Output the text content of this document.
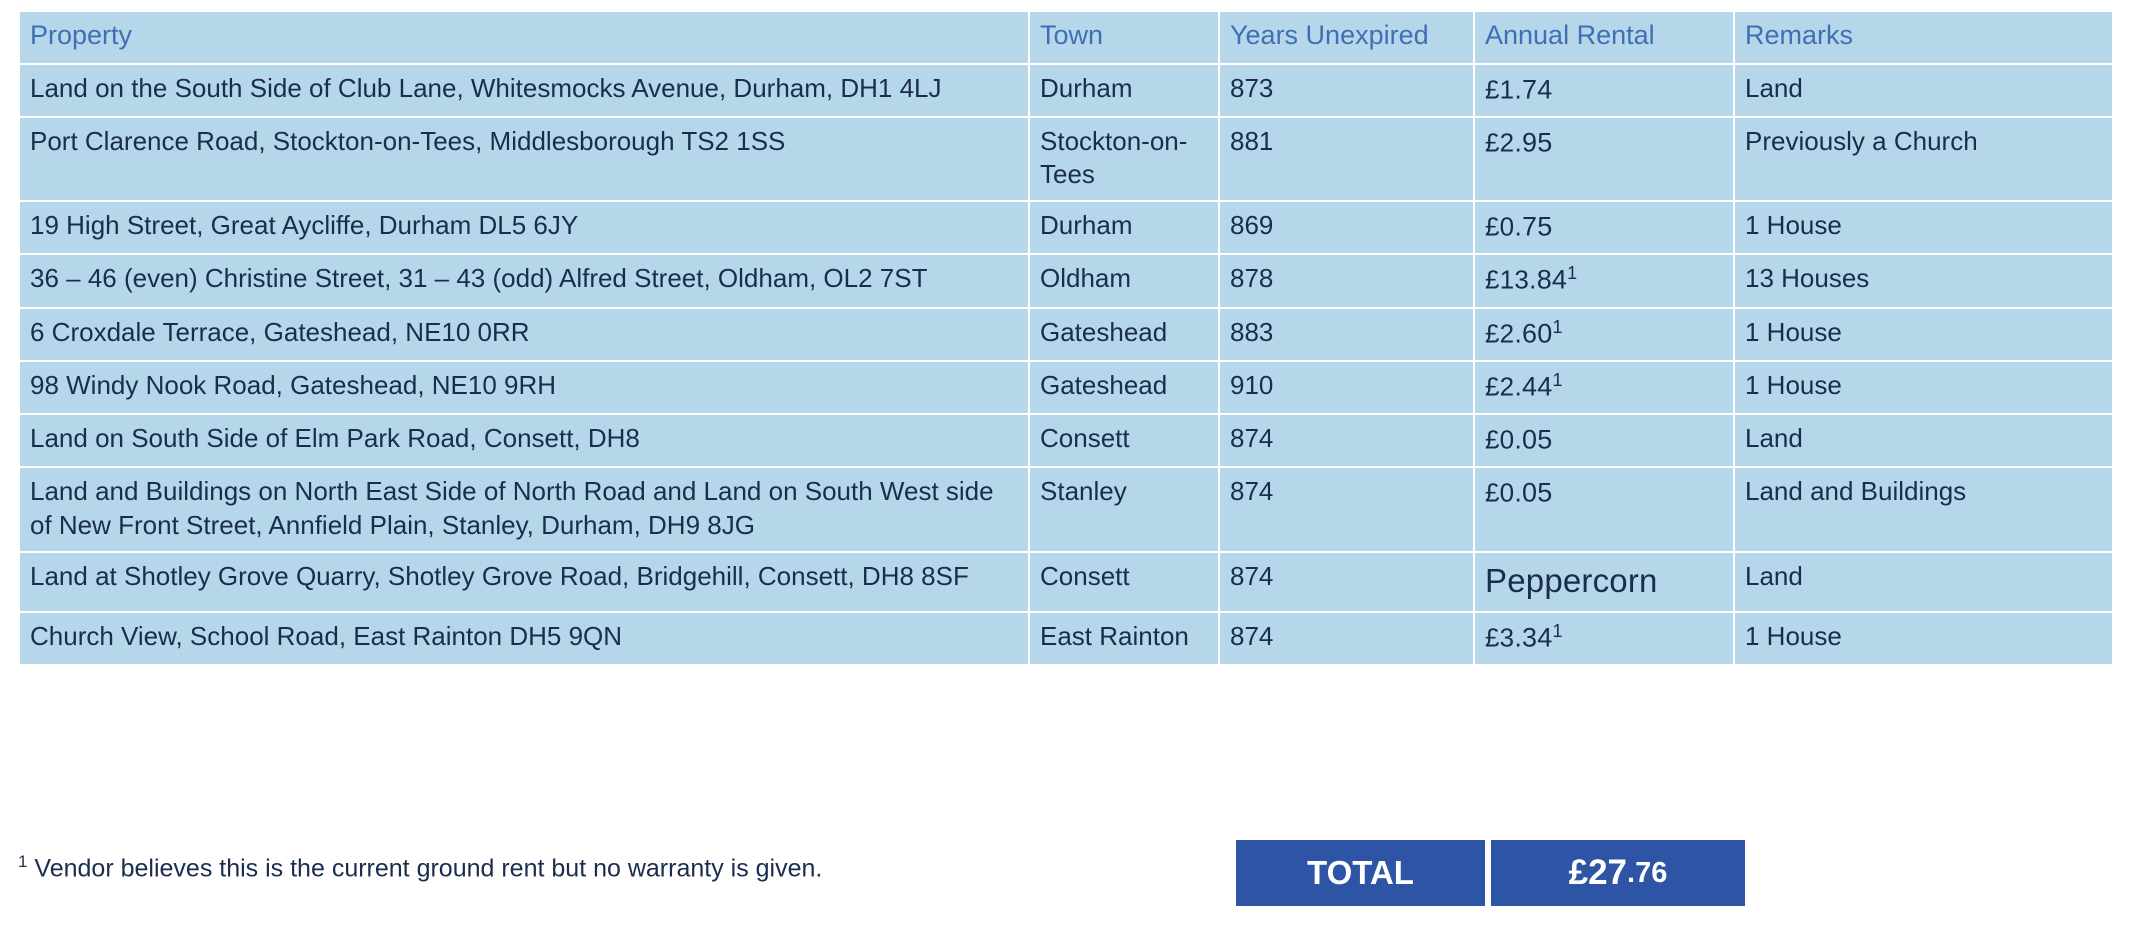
Property	Town	Years Unexpired	Annual Rental	Remarks
Land on the South Side of Club Lane, Whitesmocks Avenue, Durham, DH1 4LJ	Durham	873	£1.74	Land
Port Clarence Road, Stockton-on-Tees, Middlesborough TS2 1SS	Stockton-on-Tees	881	£2.95	Previously a Church
19 High Street, Great Aycliffe, Durham DL5 6JY	Durham	869	£0.75	1 House
36 – 46 (even) Christine Street, 31 – 43 (odd) Alfred Street, Oldham, OL2 7ST	Oldham	878	£13.84$^1$	13 Houses
6 Croxdale Terrace, Gateshead, NE10 0RR	Gateshead	883	£2.60$^1$	1 House
98 Windy Nook Road, Gateshead, NE10 9RH	Gateshead	910	£2.44$^1$	1 House
Land on South Side of Elm Park Road, Consett, DH8	Consett	874	£0.05	Land
Land and Buildings on North East Side of North Road and Land on South West side of New Front Street, Annfield Plain, Stanley, Durham, DH9 8JG	Stanley	874	£0.05	Land and Buildings
Land at Shotley Grove Quarry, Shotley Grove Road, Bridgehill, Consett, DH8 8SF	Consett	874	Peppercorn	Land
Church View, School Road, East Rainton DH5 9QN	East Rainton	874	£3.34$^1$	1 House
$^1$ Vendor believes this is the current ground rent but no warranty is given.	TOTAL	£27 .76
